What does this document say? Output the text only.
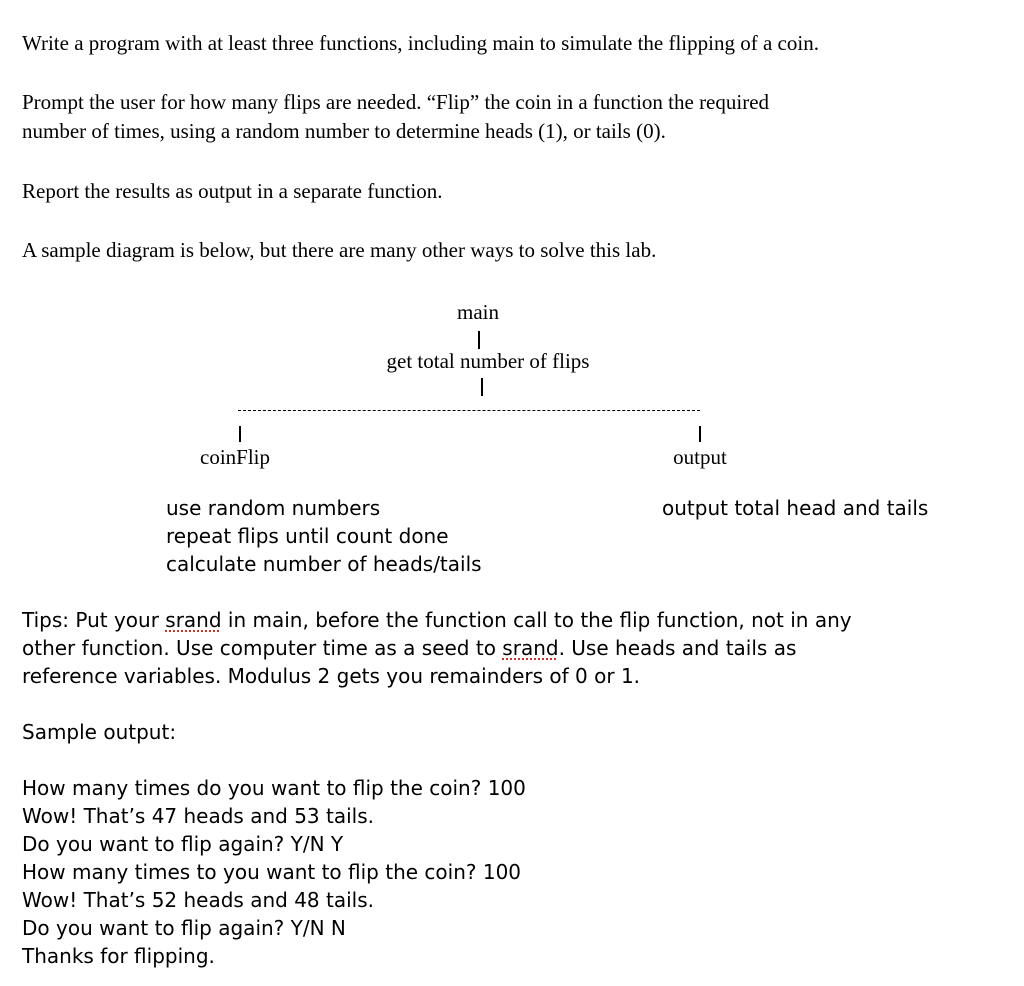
Write a program with at least three functions, including main to simulate the flipping of a coin.
Prompt the user for how many flips are needed. “Flip” the coin in a function the required
number of times, using a random number to determine heads (1), or tails (0).
Report the results as output in a separate function.
A sample diagram is below, but there are many other ways to solve this lab.
main
get total number of flips
coinFlip	output
use random numbers
repeat flips until count done
calculate number of heads/tails
output total head and tails
Tips: Put your srand in main, before the function call to the flip function, not in any
other function. Use computer time as a seed to srand. Use heads and tails as
reference variables. Modulus 2 gets you remainders of 0 or 1.
Sample output:
How many times do you want to flip the coin? 100
Wow! That’s 47 heads and 53 tails.
Do you want to flip again? Y/N Y
How many times to you want to flip the coin? 100
Wow! That’s 52 heads and 48 tails.
Do you want to flip again? Y/N N
Thanks for flipping.
